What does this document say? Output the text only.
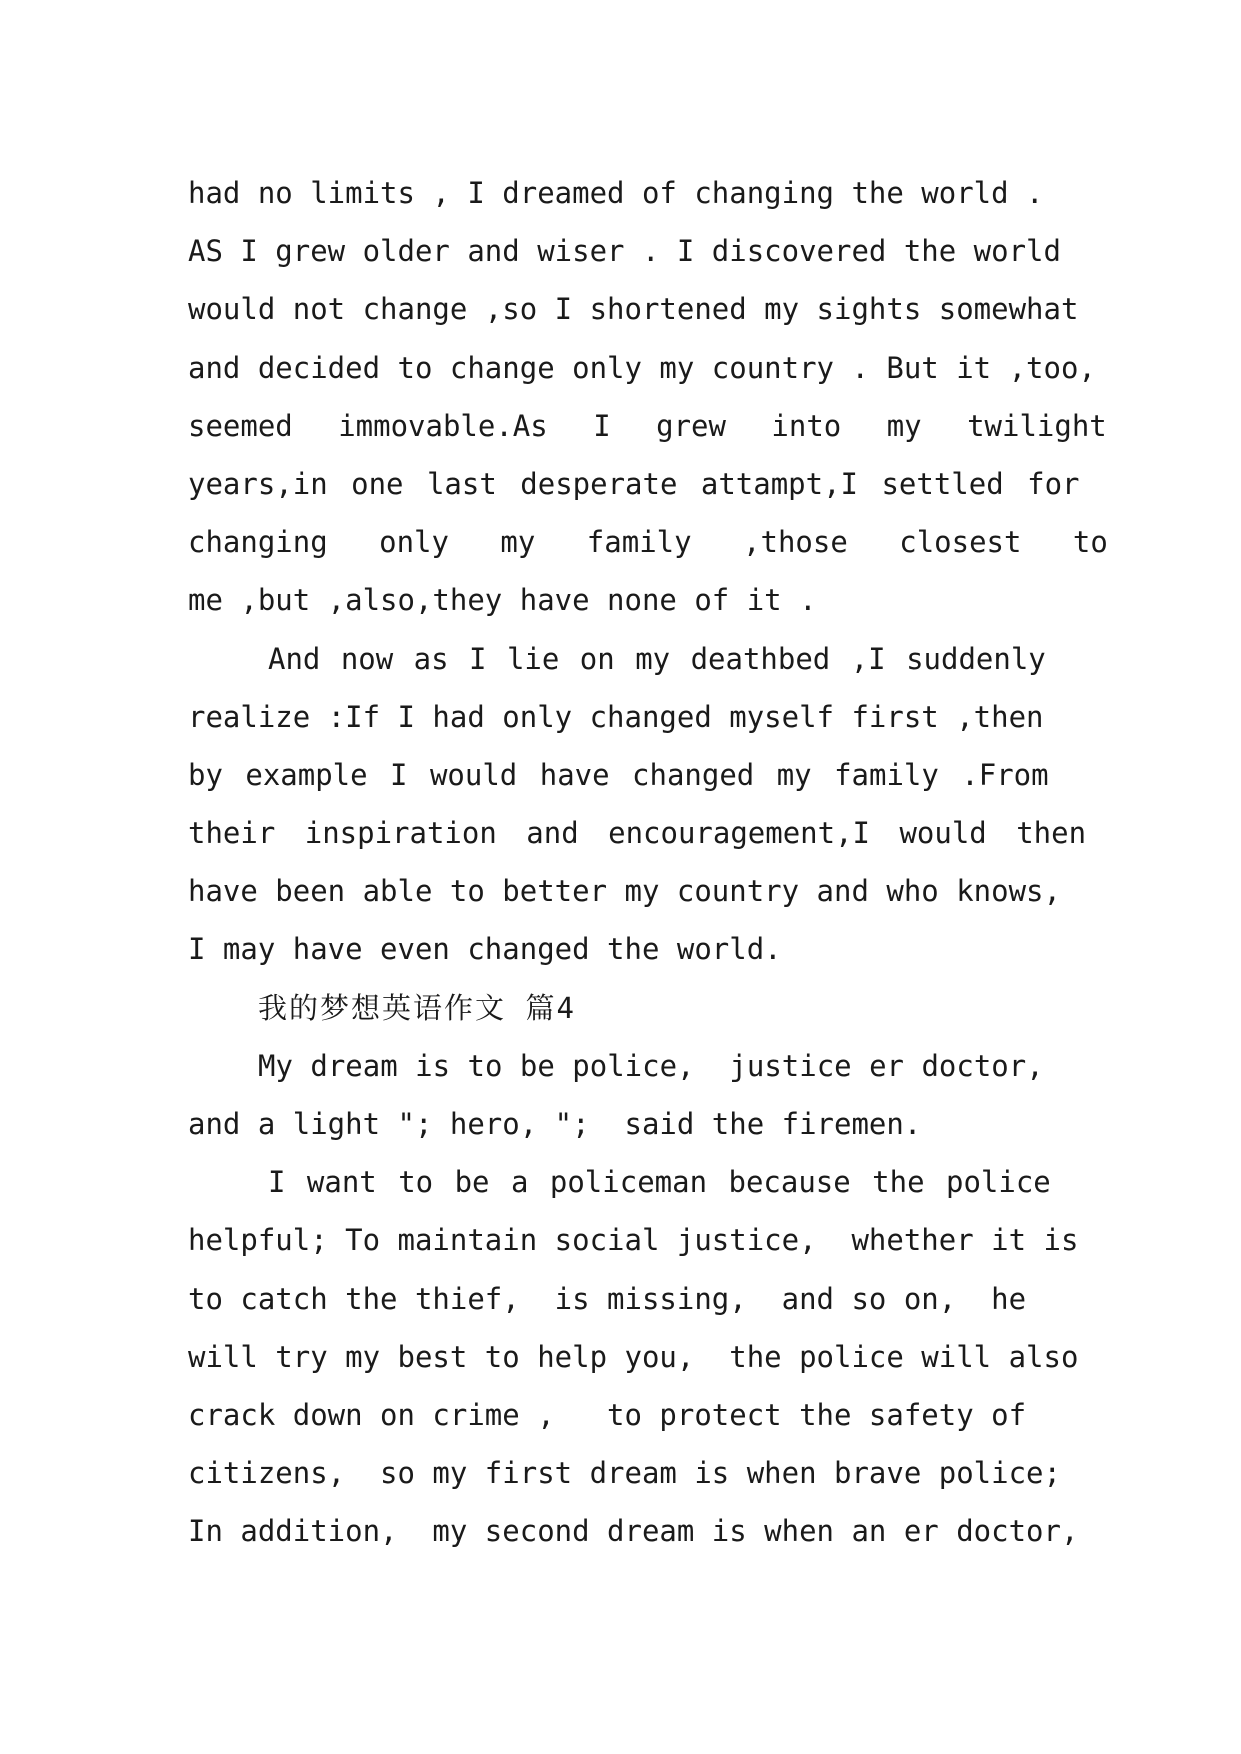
had no limits , I dreamed of changing the world .
AS I grew older and wiser . I discovered the world
would not change ,so I shortened my sights somewhat
and decided to change only my country . But it ,too,
seemed immovable.As I grew into my twilight
years,in one last desperate attampt,I settled for
changing only my family ,those closest to
me ,but ,also,they have none of it .
And now as I lie on my deathbed ,I suddenly
realize :If I had only changed myself first ,then
by example I would have changed my family .From
their inspiration and encouragement,I would then
have been able to better my country and who knows,
I may have even changed the world.
我的梦想英语作文 篇4
My dream is to be police,  justice er doctor,
and a light "; hero, ";  said the firemen.
I want to be a policeman because the police
helpful; To maintain social justice,  whether it is
to catch the thief,  is missing,  and so on,  he
will try my best to help you,  the police will also
crack down on crime ,   to protect the safety of
citizens,  so my first dream is when brave police;
In addition,  my second dream is when an er doctor,
